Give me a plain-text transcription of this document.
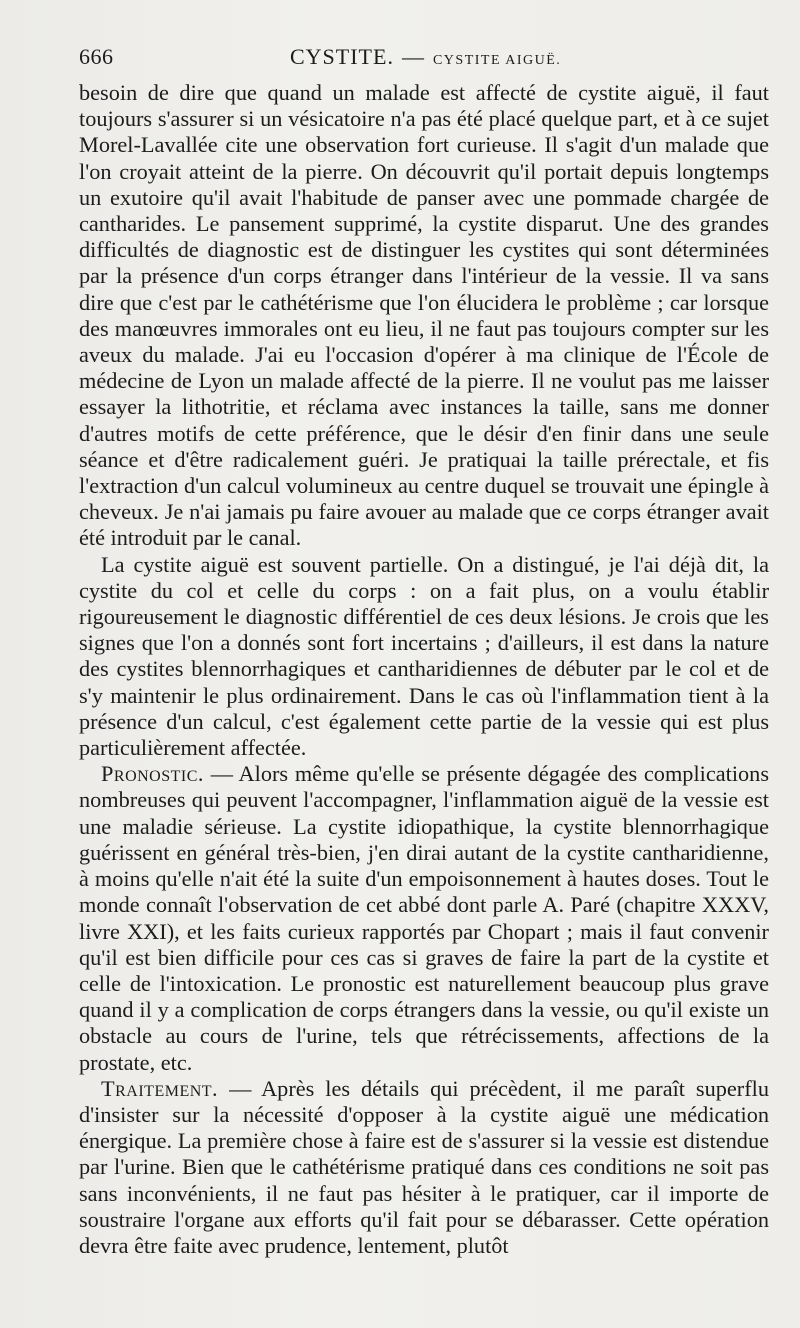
666	CYSTITE. — CYSTITE AIGUË.

besoin de dire que quand un malade est affecté de cystite aiguë, il faut toujours s'assurer si un vésicatoire n'a pas été placé quelque part, et à ce sujet Morel-Lavallée cite une observation fort curieuse. Il s'agit d'un malade que l'on croyait atteint de la pierre. On découvrit qu'il portait depuis longtemps un exutoire qu'il avait l'habitude de panser avec une pommade chargée de cantharides. Le pansement supprimé, la cystite disparut. Une des grandes difficultés de diagnostic est de distinguer les cystites qui sont déterminées par la présence d'un corps étranger dans l'intérieur de la vessie. Il va sans dire que c'est par le cathétérisme que l'on élucidera le problème ; car lorsque des manœuvres immorales ont eu lieu, il ne faut pas toujours compter sur les aveux du malade. J'ai eu l'occasion d'opérer à ma clinique de l'École de médecine de Lyon un malade affecté de la pierre. Il ne voulut pas me laisser essayer la lithotritie, et réclama avec instances la taille, sans me donner d'autres motifs de cette préférence, que le désir d'en finir dans une seule séance et d'être radicalement guéri. Je pratiquai la taille prérectale, et fis l'extraction d'un calcul volumineux au centre duquel se trouvait une épingle à cheveux. Je n'ai jamais pu faire avouer au malade que ce corps étranger avait été introduit par le canal.

La cystite aiguë est souvent partielle. On a distingué, je l'ai déjà dit, la cystite du col et celle du corps : on a fait plus, on a voulu établir rigoureusement le diagnostic différentiel de ces deux lésions. Je crois que les signes que l'on a donnés sont fort incertains ; d'ailleurs, il est dans la nature des cystites blennorrhagiques et cantharidiennes de débuter par le col et de s'y maintenir le plus ordinairement. Dans le cas où l'inflammation tient à la présence d'un calcul, c'est également cette partie de la vessie qui est plus particulièrement affectée.

Pronostic. — Alors même qu'elle se présente dégagée des complications nombreuses qui peuvent l'accompagner, l'inflammation aiguë de la vessie est une maladie sérieuse. La cystite idiopathique, la cystite blennorrhagique guérissent en général très-bien, j'en dirai autant de la cystite cantharidienne, à moins qu'elle n'ait été la suite d'un empoisonnement à hautes doses. Tout le monde connaît l'observation de cet abbé dont parle A. Paré (chapitre XXXV, livre XXI), et les faits curieux rapportés par Chopart ; mais il faut convenir qu'il est bien difficile pour ces cas si graves de faire la part de la cystite et celle de l'intoxication. Le pronostic est naturellement beaucoup plus grave quand il y a complication de corps étrangers dans la vessie, ou qu'il existe un obstacle au cours de l'urine, tels que rétrécissements, affections de la prostate, etc.

Traitement. — Après les détails qui précèdent, il me paraît superflu d'insister sur la nécessité d'opposer à la cystite aiguë une médication énergique. La première chose à faire est de s'assurer si la vessie est distendue par l'urine. Bien que le cathétérisme pratiqué dans ces conditions ne soit pas sans inconvénients, il ne faut pas hésiter à le pratiquer, car il importe de soustraire l'organe aux efforts qu'il fait pour se débarasser. Cette opération devra être faite avec prudence, lentement, plutôt
